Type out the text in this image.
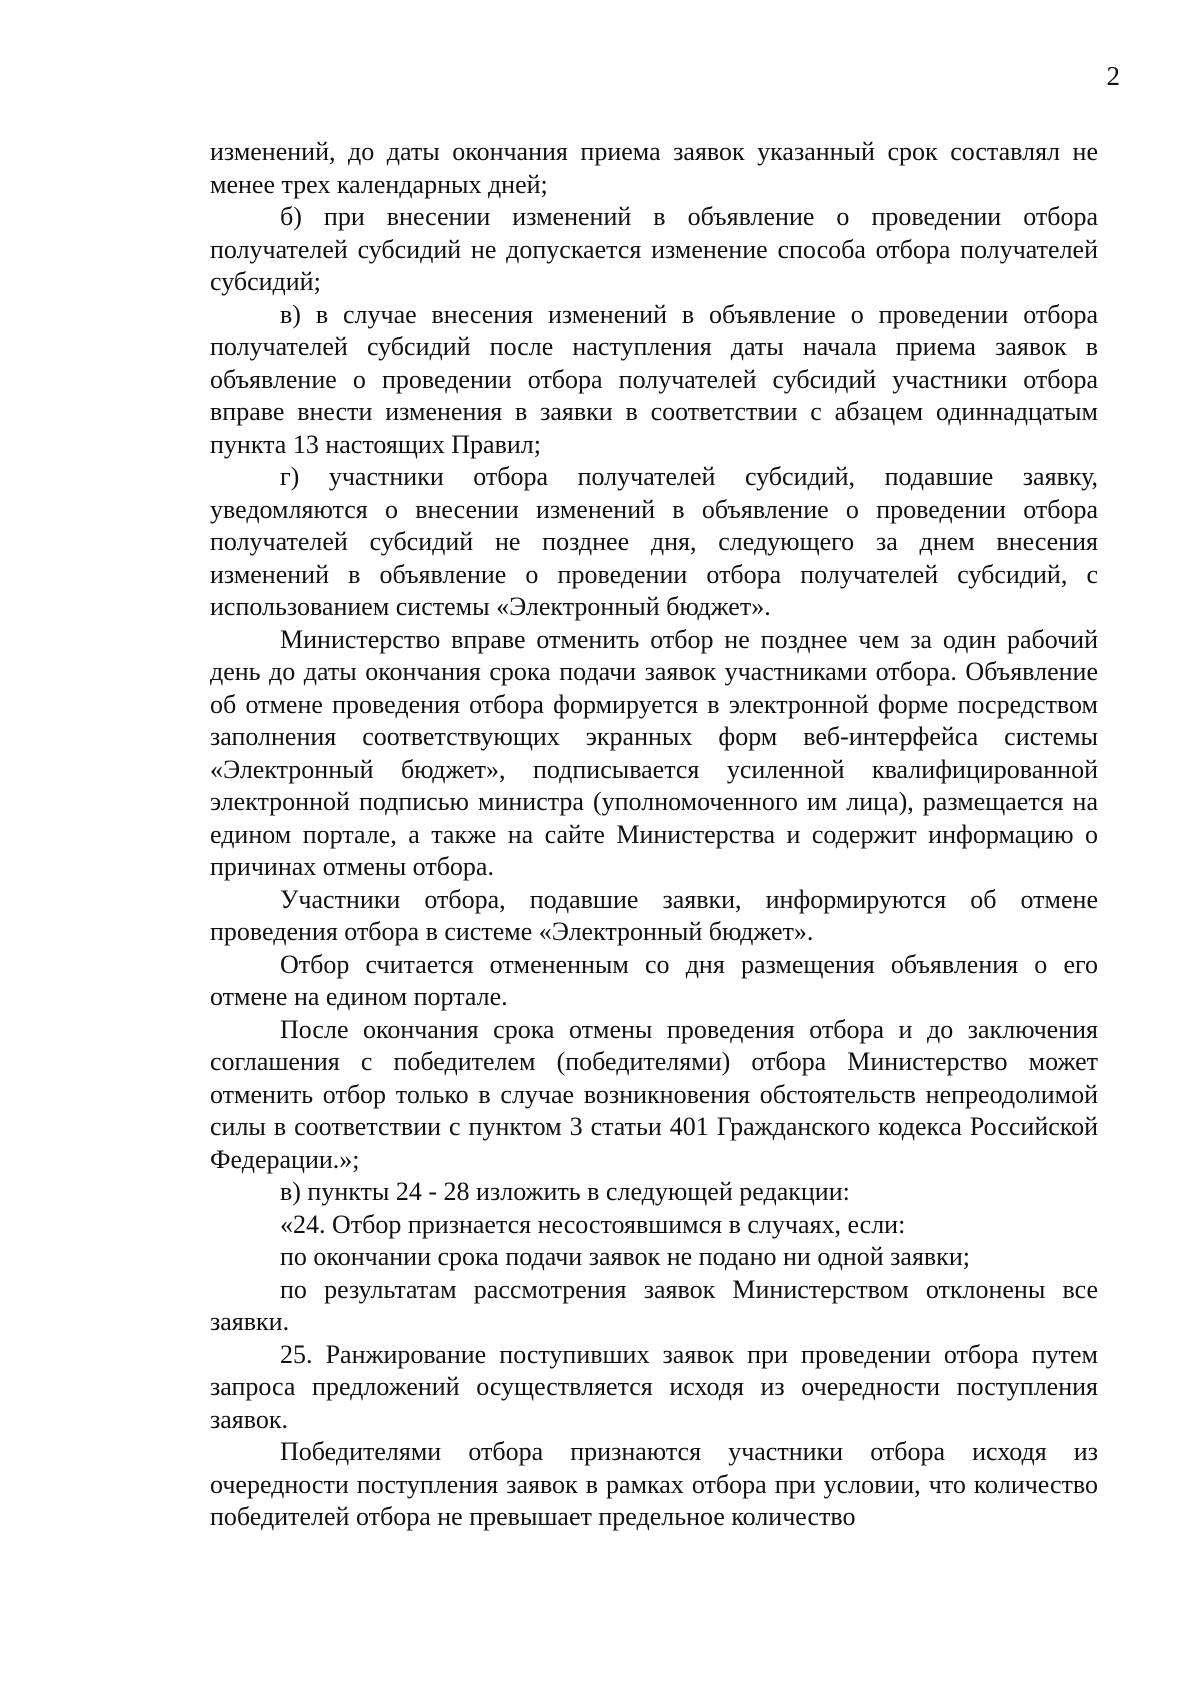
2

изменений, до даты окончания приема заявок указанный срок составлял не менее трех календарных дней;

б) при внесении изменений в объявление о проведении отбора получателей субсидий не допускается изменение способа отбора получателей субсидий;

в) в случае внесения изменений в объявление о проведении отбора получателей субсидий после наступления даты начала приема заявок в объявление о проведении отбора получателей субсидий участники отбора вправе внести изменения в заявки в соответствии с абзацем одиннадцатым пункта 13 настоящих Правил;

г) участники отбора получателей субсидий, подавшие заявку, уведомляются о внесении изменений в объявление о проведении отбора получателей субсидий не позднее дня, следующего за днем внесения изменений в объявление о проведении отбора получателей субсидий, с использованием системы «Электронный бюджет».

Министерство вправе отменить отбор не позднее чем за один рабочий день до даты окончания срока подачи заявок участниками отбора. Объявление об отмене проведения отбора формируется в электронной форме посредством заполнения соответствующих экранных форм веб-интерфейса системы «Электронный бюджет», подписывается усиленной квалифицированной электронной подписью министра (уполномоченного им лица), размещается на едином портале, а также на сайте Министерства и содержит информацию о причинах отмены отбора.

Участники отбора, подавшие заявки, информируются об отмене проведения отбора в системе «Электронный бюджет».

Отбор считается отмененным со дня размещения объявления о его отмене на едином портале.

После окончания срока отмены проведения отбора и до заключения соглашения с победителем (победителями) отбора Министерство может отменить отбор только в случае возникновения обстоятельств непреодолимой силы в соответствии с пунктом 3 статьи 401 Гражданского кодекса Российской Федерации.»;

в) пункты 24 - 28 изложить в следующей редакции:

«24. Отбор признается несостоявшимся в случаях, если:

по окончании срока подачи заявок не подано ни одной заявки;

по результатам рассмотрения заявок Министерством отклонены все заявки.

25. Ранжирование поступивших заявок при проведении отбора путем запроса предложений осуществляется исходя из очередности поступления заявок.

Победителями отбора признаются участники отбора исходя из очередности поступления заявок в рамках отбора при условии, что количество победителей отбора не превышает предельное количество
